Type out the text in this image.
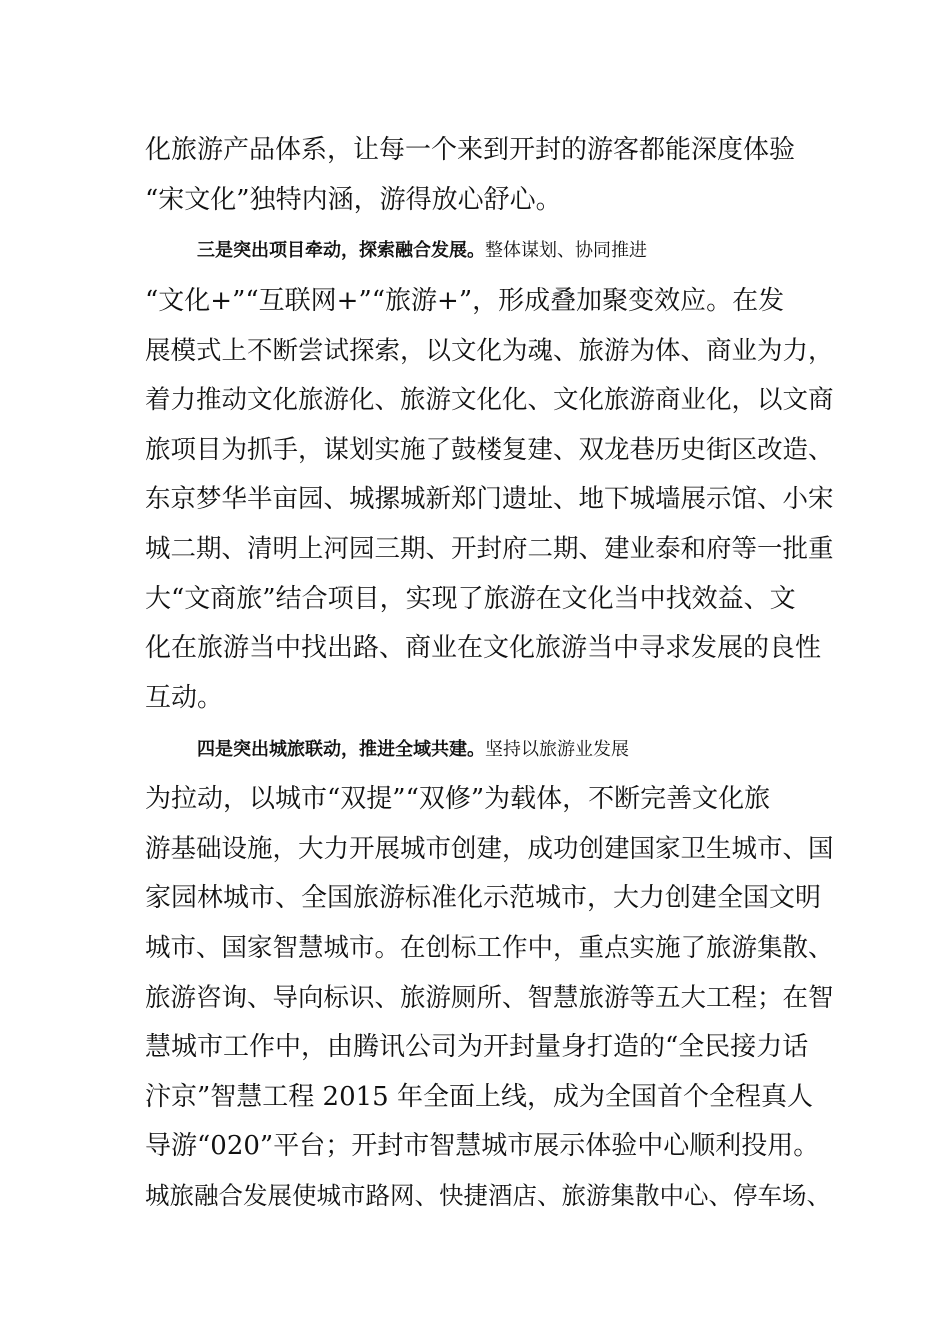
化旅游产品体系，让每一个来到开封的游客都能深度体验
“宋文化”独特内涵，游得放心舒心。
三是突出项目牵动，探索融合发展。整体谋划、协同推进
“文化+”“互联网+”“旅游+”，形成叠加聚变效应。在发
展模式上不断尝试探索，以文化为魂、旅游为体、商业为力，
着力推动文化旅游化、旅游文化化、文化旅游商业化，以文商
旅项目为抓手，谋划实施了鼓楼复建、双龙巷历史街区改造、
东京梦华半亩园、城摞城新郑门遗址、地下城墙展示馆、小宋
城二期、清明上河园三期、开封府二期、建业泰和府等一批重
大“文商旅”结合项目，实现了旅游在文化当中找效益、文
化在旅游当中找出路、商业在文化旅游当中寻求发展的良性
互动。
四是突出城旅联动，推进全域共建。坚持以旅游业发展
为拉动，以城市“双提”“双修”为载体，不断完善文化旅
游基础设施，大力开展城市创建，成功创建国家卫生城市、国
家园林城市、全国旅游标准化示范城市，大力创建全国文明
城市、国家智慧城市。在创标工作中，重点实施了旅游集散、
旅游咨询、导向标识、旅游厕所、智慧旅游等五大工程；在智
慧城市工作中，由腾讯公司为开封量身打造的“全民接力话
汴京”智慧工程 2015 年全面上线，成为全国首个全程真人
导游“020”平台；开封市智慧城市展示体验中心顺利投用。
城旅融合发展使城市路网、快捷酒店、旅游集散中心、停车场、
